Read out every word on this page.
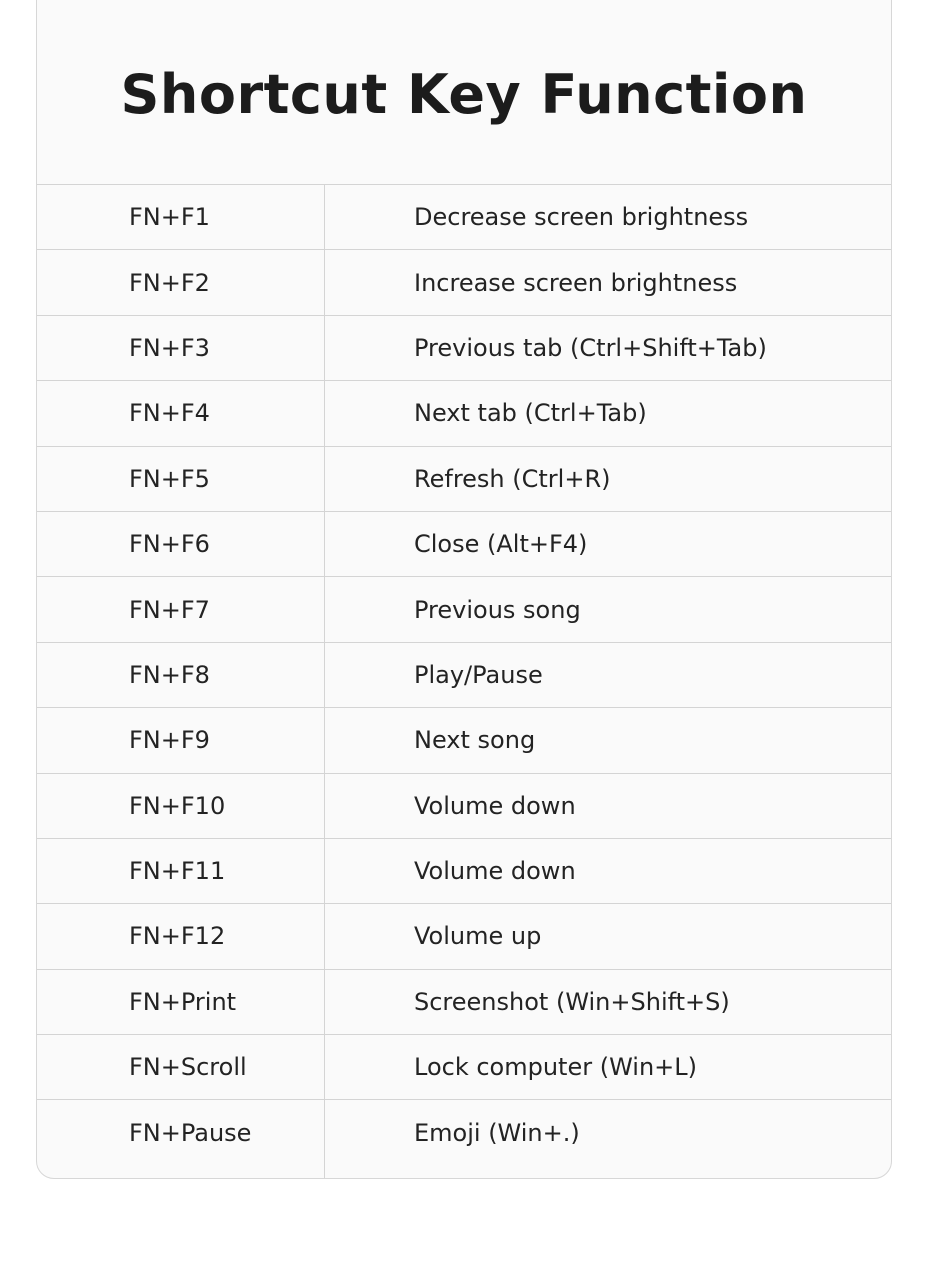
Shortcut Key Function
FN+F1	Decrease screen brightness
FN+F2	Increase screen brightness
FN+F3	Previous tab (Ctrl+Shift+Tab)
FN+F4	Next tab (Ctrl+Tab)
FN+F5	Refresh (Ctrl+R)
FN+F6	Close (Alt+F4)
FN+F7	Previous song
FN+F8	Play/Pause
FN+F9	Next song
FN+F10	Volume down
FN+F11	Volume down
FN+F12	Volume up
FN+Print	Screenshot (Win+Shift+S)
FN+Scroll	Lock computer (Win+L)
FN+Pause	Emoji (Win+.)
